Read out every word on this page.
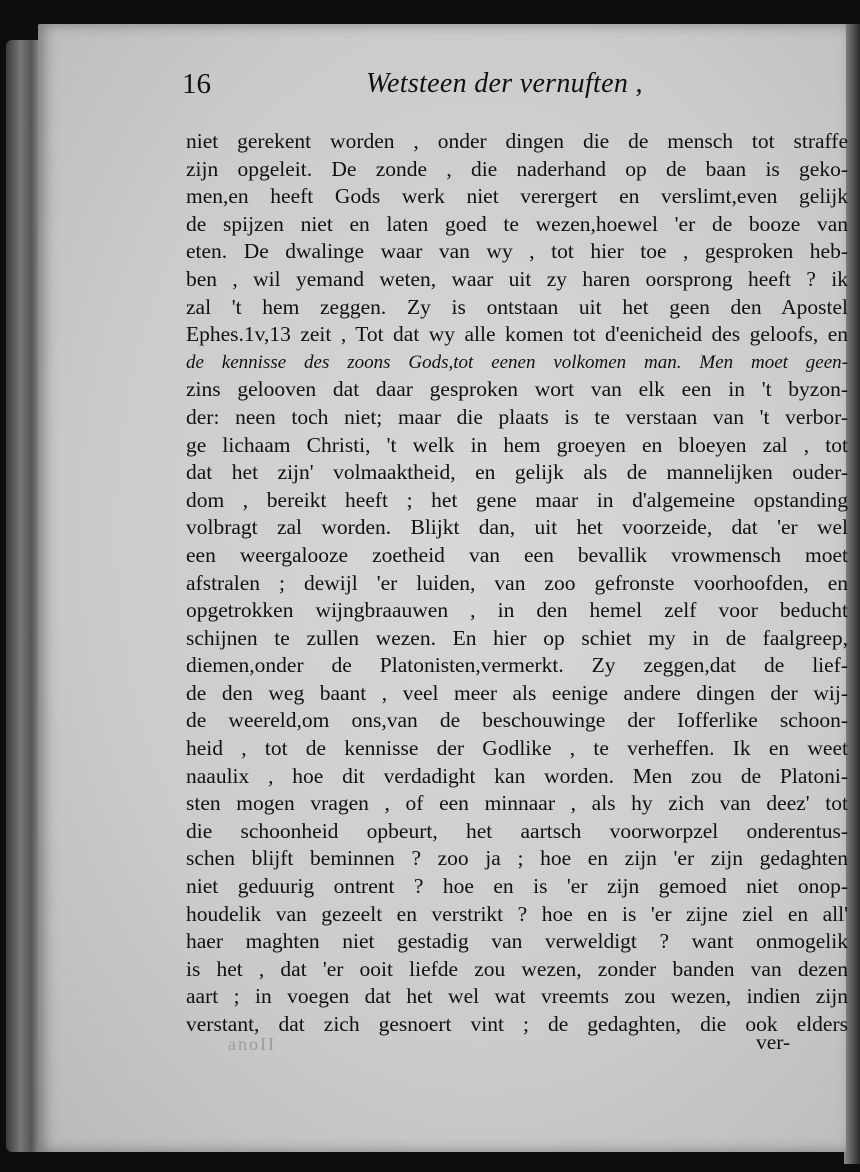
16	Wetsteen der vernuften ,
niet gerekent worden , onder dingen die de mensch tot straffe
zijn opgeleit. De zonde , die naderhand op de baan is geko-
men,en heeft Gods werk niet verergert en verslimt,even gelijk
de spijzen niet en laten goed te wezen,hoewel 'er de booze van
eten. De dwalinge waar van wy , tot hier toe , gesproken heb-
ben , wil yemand weten, waar uit zy haren oorsprong heeft ? ik
zal 't hem zeggen. Zy is ontstaan uit het geen den Apostel
Ephes.1v,13 zeit , Tot dat wy alle komen tot d'eenicheid des geloofs, en
de kennisse des zoons Gods,tot eenen volkomen man. Men moet geen-
zins gelooven dat daar gesproken wort van elk een in 't byzon-
der: neen toch niet; maar die plaats is te verstaan van 't verbor-
ge lichaam Christi, 't welk in hem groeyen en bloeyen zal , tot
dat het zijn' volmaaktheid, en gelijk als de mannelijken ouder-
dom , bereikt heeft ; het gene maar in d'algemeine opstanding
volbragt zal worden. Blijkt dan, uit het voorzeide, dat 'er wel
een weergalooze zoetheid van een bevallik vrowmensch moet
afstralen ; dewijl 'er luiden, van zoo gefronste voorhoofden, en
opgetrokken wijngbraauwen , in den hemel zelf voor beducht
schijnen te zullen wezen. En hier op schiet my in de faalgreep,
diemen,onder de Platonisten,vermerkt. Zy zeggen,dat de lief-
de den weg baant , veel meer als eenige andere dingen der wij-
de weereld,om ons,van de beschouwinge der Iofferlike schoon-
heid , tot de kennisse der Godlike , te verheffen. Ik en weet
naaulix , hoe dit verdadight kan worden. Men zou de Platoni-
sten mogen vragen , of een minnaar , als hy zich van deez' tot
die schoonheid opbeurt, het aartsch voorworpzel onderentus-
schen blijft beminnen ? zoo ja ; hoe en zijn 'er zijn gedaghten
niet geduurig ontrent ? hoe en is 'er zijn gemoed niet onop-
houdelik van gezeelt en verstrikt ? hoe en is 'er zijne ziel en all'
haer maghten niet gestadig van verweldigt ? want onmogelik
is het , dat 'er ooit liefde zou wezen, zonder banden van dezen
aart ; in voegen dat het wel wat vreemts zou wezen, indien zijn
verstant, dat zich gesnoert vint ; de gedaghten, die ook elders
anoII	ver-
